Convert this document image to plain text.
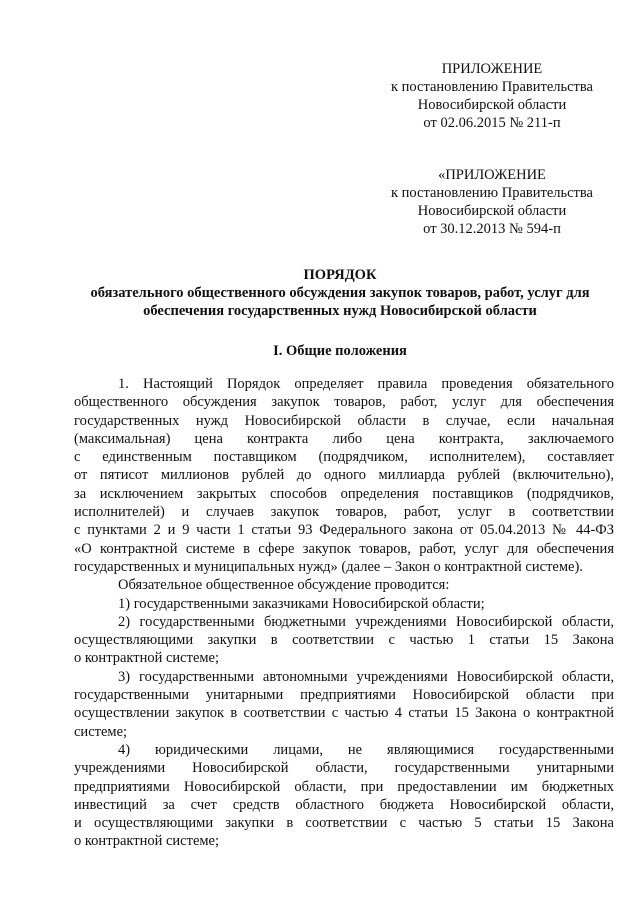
ПРИЛОЖЕНИЕ
к постановлению Правительства
Новосибирской области
от 02.06.2015 № 211-п
«ПРИЛОЖЕНИЕ
к постановлению Правительства
Новосибирской области
от 30.12.2013 № 594-п
ПОРЯДОК
обязательного общественного обсуждения закупок товаров, работ, услуг для
обеспечения государственных нужд Новосибирской области
I. Общие положения
1. Настоящий Порядок определяет правила проведения обязательного
общественного обсуждения закупок товаров, работ, услуг для обеспечения
государственных нужд Новосибирской области в случае, если начальная
(максимальная) цена контракта либо цена контракта, заключаемого
с единственным поставщиком (подрядчиком, исполнителем), составляет
от пятисот миллионов рублей до одного миллиарда рублей (включительно),
за исключением закрытых способов определения поставщиков (подрядчиков,
исполнителей) и случаев закупок товаров, работ, услуг в соответствии
с пунктами 2 и 9 части 1 статьи 93 Федерального закона от 05.04.2013 № 44-ФЗ
«О контрактной системе в сфере закупок товаров, работ, услуг для обеспечения
государственных и муниципальных нужд» (далее – Закон о контрактной системе).
Обязательное общественное обсуждение проводится:
1) государственными заказчиками Новосибирской области;
2) государственными бюджетными учреждениями Новосибирской области,
осуществляющими закупки в соответствии с частью 1 статьи 15 Закона
о контрактной системе;
3) государственными автономными учреждениями Новосибирской области,
государственными унитарными предприятиями Новосибирской области при
осуществлении закупок в соответствии с частью 4 статьи 15 Закона о контрактной
системе;
4) юридическими лицами, не являющимися государственными
учреждениями Новосибирской области, государственными унитарными
предприятиями Новосибирской области, при предоставлении им бюджетных
инвестиций за счет средств областного бюджета Новосибирской области,
и осуществляющими закупки в соответствии с частью 5 статьи 15 Закона
о контрактной системе;
